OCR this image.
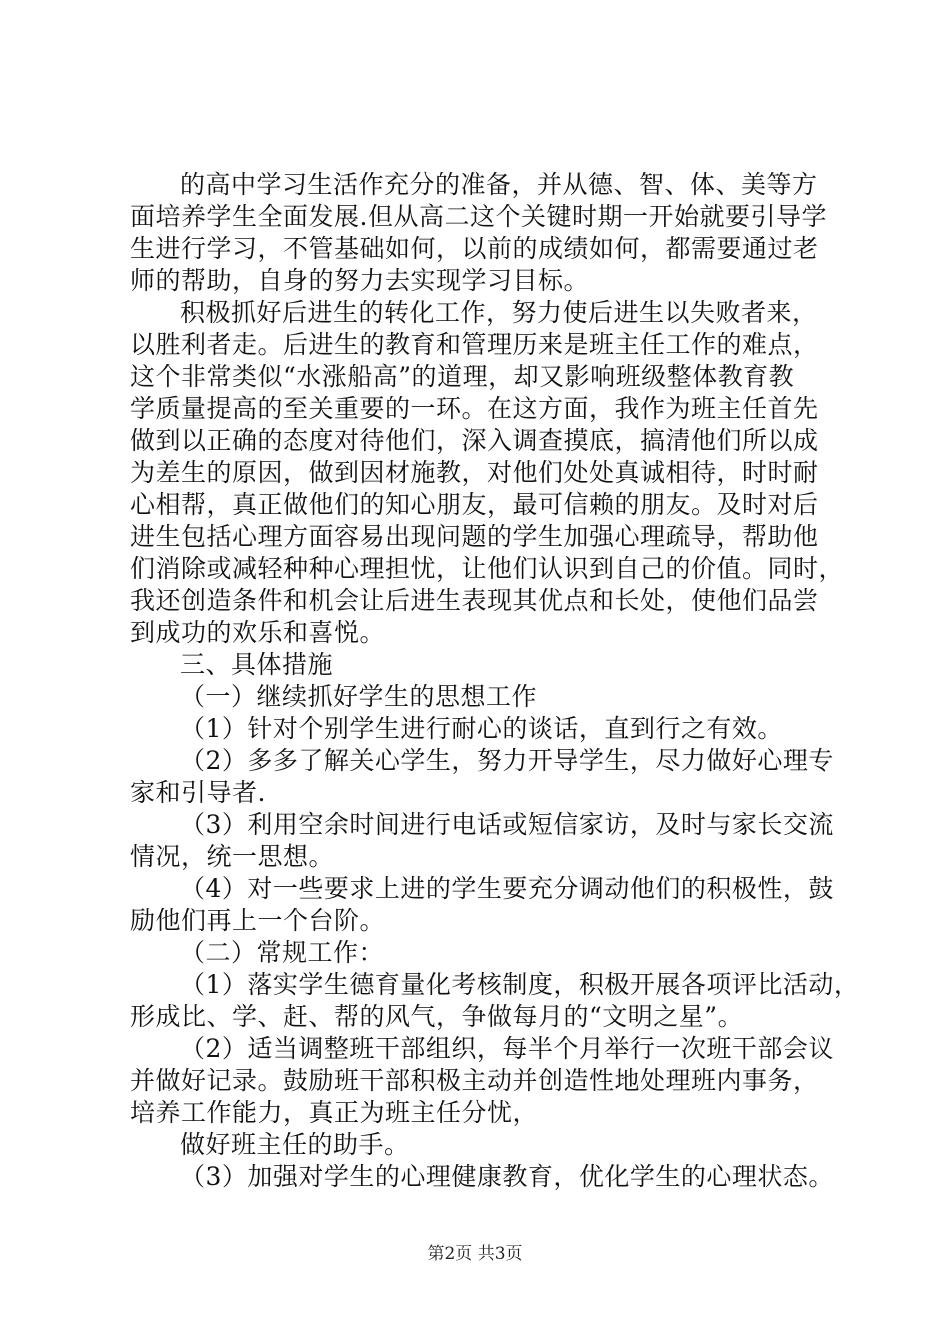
的高中学习生活作充分的准备，并从德、智、体、美等方
面培养学生全面发展.但从高二这个关键时期一开始就要引导学
生进行学习，不管基础如何，以前的成绩如何，都需要通过老
师的帮助，自身的努力去实现学习目标。
积极抓好后进生的转化工作，努力使后进生以失败者来，
以胜利者走。后进生的教育和管理历来是班主任工作的难点，
这个非常类似“水涨船高”的道理，却又影响班级整体教育教
学质量提高的至关重要的一环。在这方面，我作为班主任首先
做到以正确的态度对待他们，深入调查摸底，搞清他们所以成
为差生的原因，做到因材施教，对他们处处真诚相待，时时耐
心相帮，真正做他们的知心朋友，最可信赖的朋友。及时对后
进生包括心理方面容易出现问题的学生加强心理疏导，帮助他
们消除或减轻种种心理担忧，让他们认识到自己的价值。同时，
我还创造条件和机会让后进生表现其优点和长处，使他们品尝
到成功的欢乐和喜悦。
三、具体措施
（一）继续抓好学生的思想工作
（1）针对个别学生进行耐心的谈话，直到行之有效。
（2）多多了解关心学生，努力开导学生，尽力做好心理专
家和引导者.
（3）利用空余时间进行电话或短信家访，及时与家长交流
情况，统一思想。
（4）对一些要求上进的学生要充分调动他们的积极性，鼓
励他们再上一个台阶。
（二）常规工作：
（1）落实学生德育量化考核制度，积极开展各项评比活动，
形成比、学、赶、帮的风气，争做每月的“文明之星”。
（2）适当调整班干部组织，每半个月举行一次班干部会议
并做好记录。鼓励班干部积极主动并创造性地处理班内事务，
培养工作能力，真正为班主任分忧，
做好班主任的助手。
（3）加强对学生的心理健康教育，优化学生的心理状态。
第2页 共3页
